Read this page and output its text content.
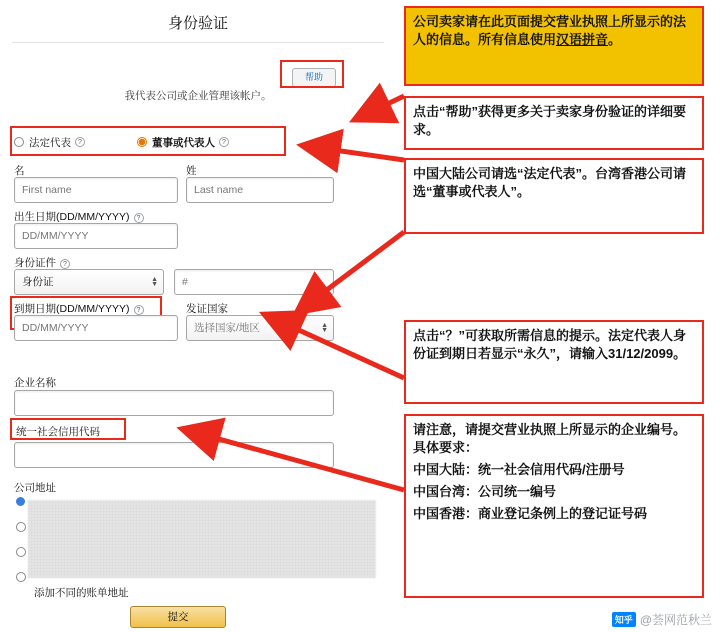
身份验证
帮助
我代表公司或企业管理该帐户。
法定代表	?	董事或代表人	?
名	姓
First name	Last name
出生日期(DD/MM/YYYY) ?
DD/MM/YYYY
身份证件 ?
身份证 ▲ ▼	#
到期日期(DD/MM/YYYY) ?
DD/MM/YYYY
发证国家
选择国家/地区
▲ ▼
企业名称
统一社会信用代码
公司地址
添加不同的账单地址
提交
公司卖家请在此页面提交营业执照上所显示的法人的信息。所有信息使用汉语拼音。
点击“帮助”获得更多关于卖家身份验证的详细要求。
中国大陆公司请选“法定代表”。台湾香港公司请选“董事或代表人”。
点击“？”可获取所需信息的提示。法定代表人身份证到期日若显示“永久”，请输入31/12/2099。
请注意，请提交营业执照上所显示的企业编号。具体要求：
中国大陆：统一社会信用代码/注册号
中国台湾：公司统一编号
中国香港：商业登记条例上的登记证号码
知乎 @荟网范秋兰
